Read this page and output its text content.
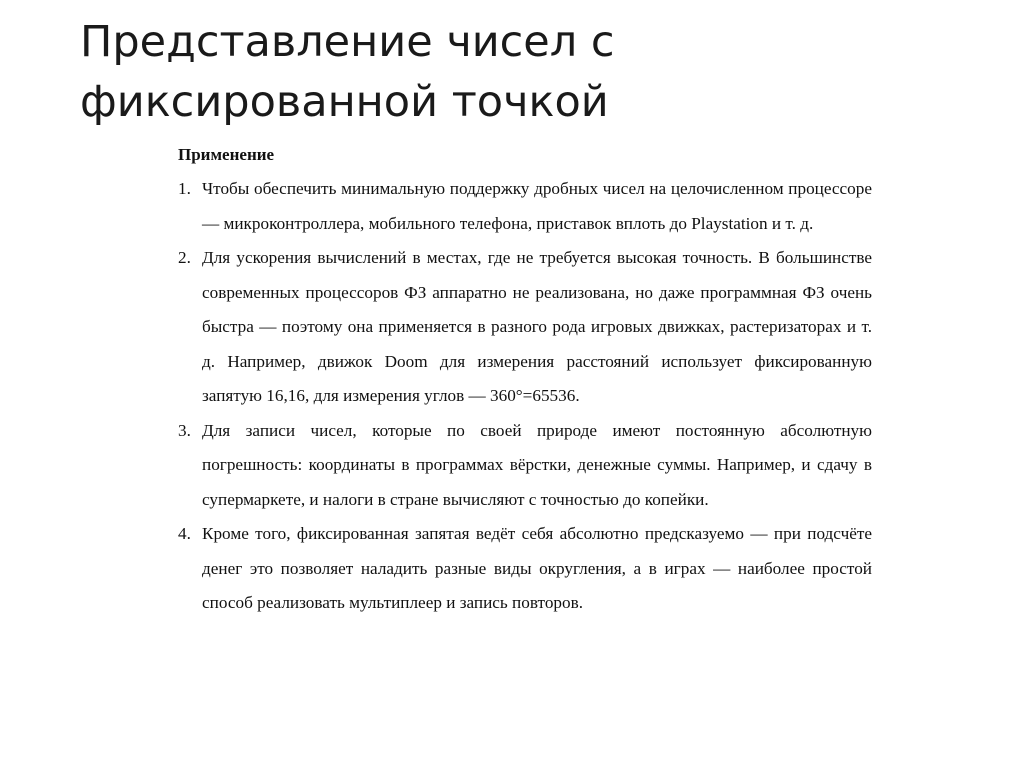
Представление чисел с фиксированной точкой
Применение
1. Чтобы обеспечить минимальную поддержку дробных чисел на целочисленном процессоре — микроконтроллера, мобильного телефона, приставок вплоть до Playstation и т. д.
2. Для ускорения вычислений в местах, где не требуется высокая точность. В большинстве современных процессоров ФЗ аппаратно не реализована, но даже программная ФЗ очень быстра — поэтому она применяется в разного рода игровых движках, растеризаторах и т. д. Например, движок Doom для измерения расстояний использует фиксированную запятую 16,16, для измерения углов — 360°=65536.
3. Для записи чисел, которые по своей природе имеют постоянную абсолютную погрешность: координаты в программах вёрстки, денежные суммы. Например, и сдачу в супермаркете, и налоги в стране вычисляют с точностью до копейки.
4. Кроме того, фиксированная запятая ведёт себя абсолютно предсказуемо — при подсчёте денег это позволяет наладить разные виды округления, а в играх — наиболее простой способ реализовать мультиплеер и запись повторов.
